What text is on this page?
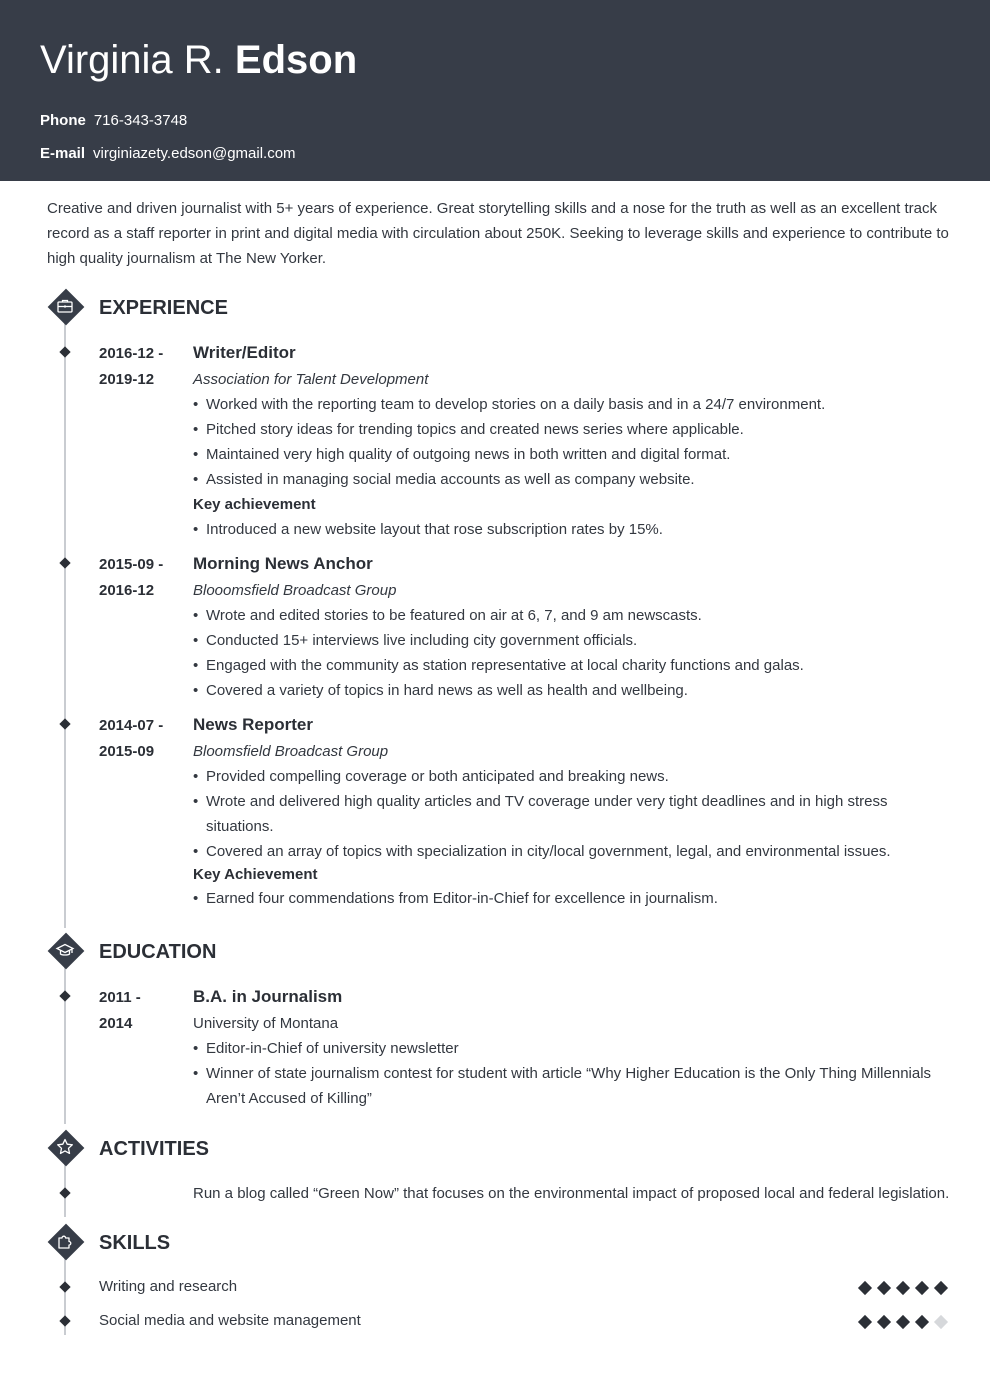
Virginia R. Edson
Phone 716-343-3748
E-mail virginiazety.edson@gmail.com
Creative and driven journalist with 5+ years of experience. Great storytelling skills and a nose for the truth as well as an excellent track record as a staff reporter in print and digital media with circulation about 250K. Seeking to leverage skills and experience to contribute to high quality journalism at The New Yorker.
EXPERIENCE
2016-12 -
2019-12
Writer/Editor
Association for Talent Development
• Worked with the reporting team to develop stories on a daily basis and in a 24/7 environment.
• Pitched story ideas for trending topics and created news series where applicable.
• Maintained very high quality of outgoing news in both written and digital format.
• Assisted in managing social media accounts as well as company website.
Key achievement
• Introduced a new website layout that rose subscription rates by 15%.
2015-09 -
2016-12
Morning News Anchor
Blooomsfield Broadcast Group
• Wrote and edited stories to be featured on air at 6, 7, and 9 am newscasts.
• Conducted 15+ interviews live including city government officials.
• Engaged with the community as station representative at local charity functions and galas.
• Covered a variety of topics in hard news as well as health and wellbeing.
2014-07 -
2015-09
News Reporter
Bloomsfield Broadcast Group
• Provided compelling coverage or both anticipated and breaking news.
• Wrote and delivered high quality articles and TV coverage under very tight deadlines and in high stress situations.
• Covered an array of topics with specialization in city/local government, legal, and environmental issues.
Key Achievement
• Earned four commendations from Editor-in-Chief for excellence in journalism.
EDUCATION
2011 -
2014
B.A. in Journalism
University of Montana
• Editor-in-Chief of university newsletter
• Winner of state journalism contest for student with article “Why Higher Education is the Only Thing Millennials Aren’t Accused of Killing”
ACTIVITIES
Run a blog called “Green Now” that focuses on the environmental impact of proposed local and federal legislation.
SKILLS
Writing and research
Social media and website management
